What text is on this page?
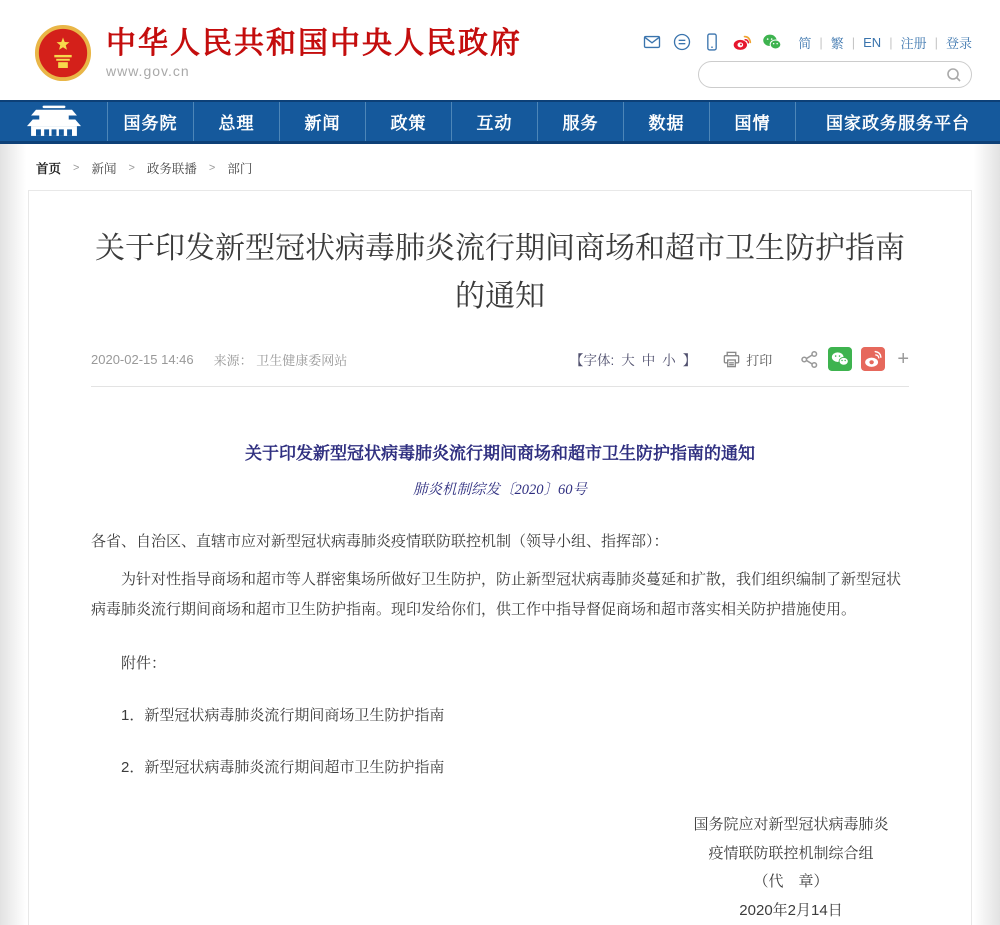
中华人民共和国中央人民政府
www.gov.cn
简 | 繁 | EN | 注册 | 登录
国务院	总理	新闻	政策	互动	服务	数据	国情	国家政务服务平台
首页 > 新闻 > 政务联播 > 部门
关于印发新型冠状病毒肺炎流行期间商场和超市卫生防护指南的通知
2020-02-15 14:46 来源： 卫生健康委网站	【字体: 大 中 小 】	打印	+
关于印发新型冠状病毒肺炎流行期间商场和超市卫生防护指南的通知
肺炎机制综发〔2020〕60号

各省、自治区、直辖市应对新型冠状病毒肺炎疫情联防联控机制（领导小组、指挥部）：

为针对性指导商场和超市等人群密集场所做好卫生防护，防止新型冠状病毒肺炎蔓延和扩散，我们组织编制了新型冠状病毒肺炎流行期间商场和超市卫生防护指南。现印发给你们，供工作中指导督促商场和超市落实相关防护措施使用。

附件：

1．新型冠状病毒肺炎流行期间商场卫生防护指南

2．新型冠状病毒肺炎流行期间超市卫生防护指南

国务院应对新型冠状病毒肺炎
疫情联防联控机制综合组
（代　章）
2020年2月14日
